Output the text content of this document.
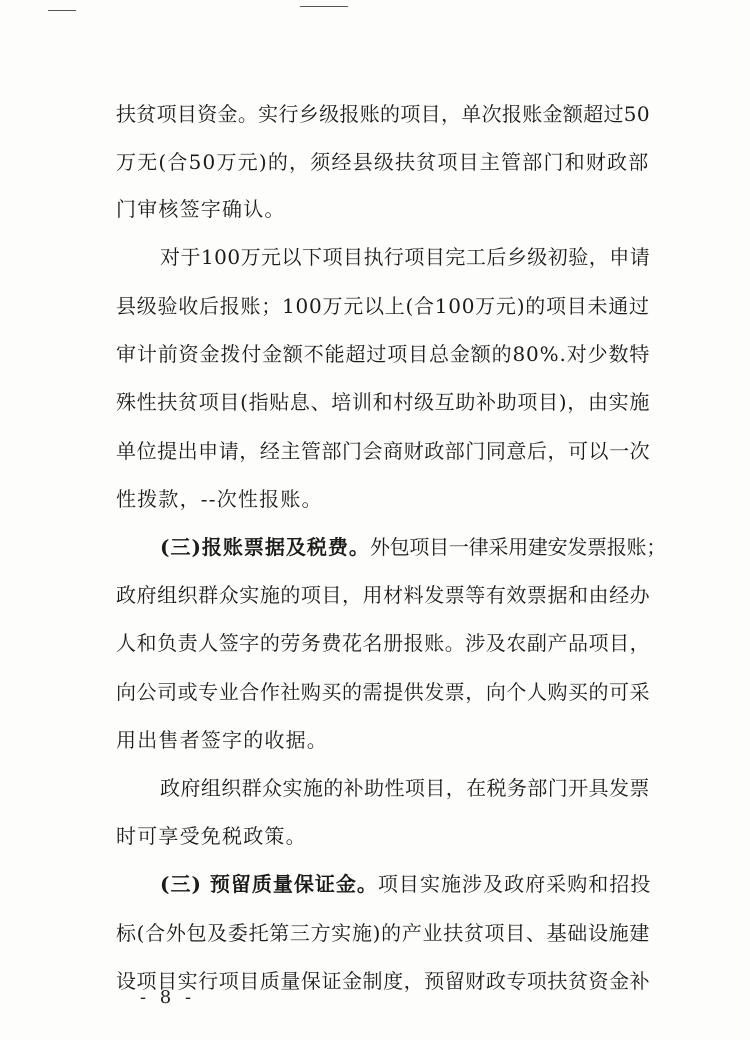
- 8 -
扶贫项目资金。实行乡级报账的项目，单次报账金额超过50
万无(合50万元)的，须经县级扶贫项目主管部门和财政部
门审核签字确认。
对于100万元以下项目执行项目完工后乡级初验，申请
县级验收后报账；100万元以上(合100万元)的项目未通过
审计前资金拨付金额不能超过项目总金额的80%.对少数特
殊性扶贫项目(指贴息、培训和村级互助补助项目)，由实施
单位提出申请，经主管部门会商财政部门同意后，可以一次
性拨款，--次性报账。
(三)报账票据及税费。外包项目一律采用建安发票报账；
政府组织群众实施的项目，用材料发票等有效票据和由经办
人和负责人签字的劳务费花名册报账。涉及农副产品项目，
向公司或专业合作社购买的需提供发票，向个人购买的可采
用出售者签字的收据。
政府组织群众实施的补助性项目，在税务部门开具发票
时可享受免税政策。
(三) 预留质量保证金。项目实施涉及政府采购和招投
标(合外包及委托第三方实施)的产业扶贫项目、基础设施建
设项目实行项目质量保证金制度，预留财政专项扶贫资金补
